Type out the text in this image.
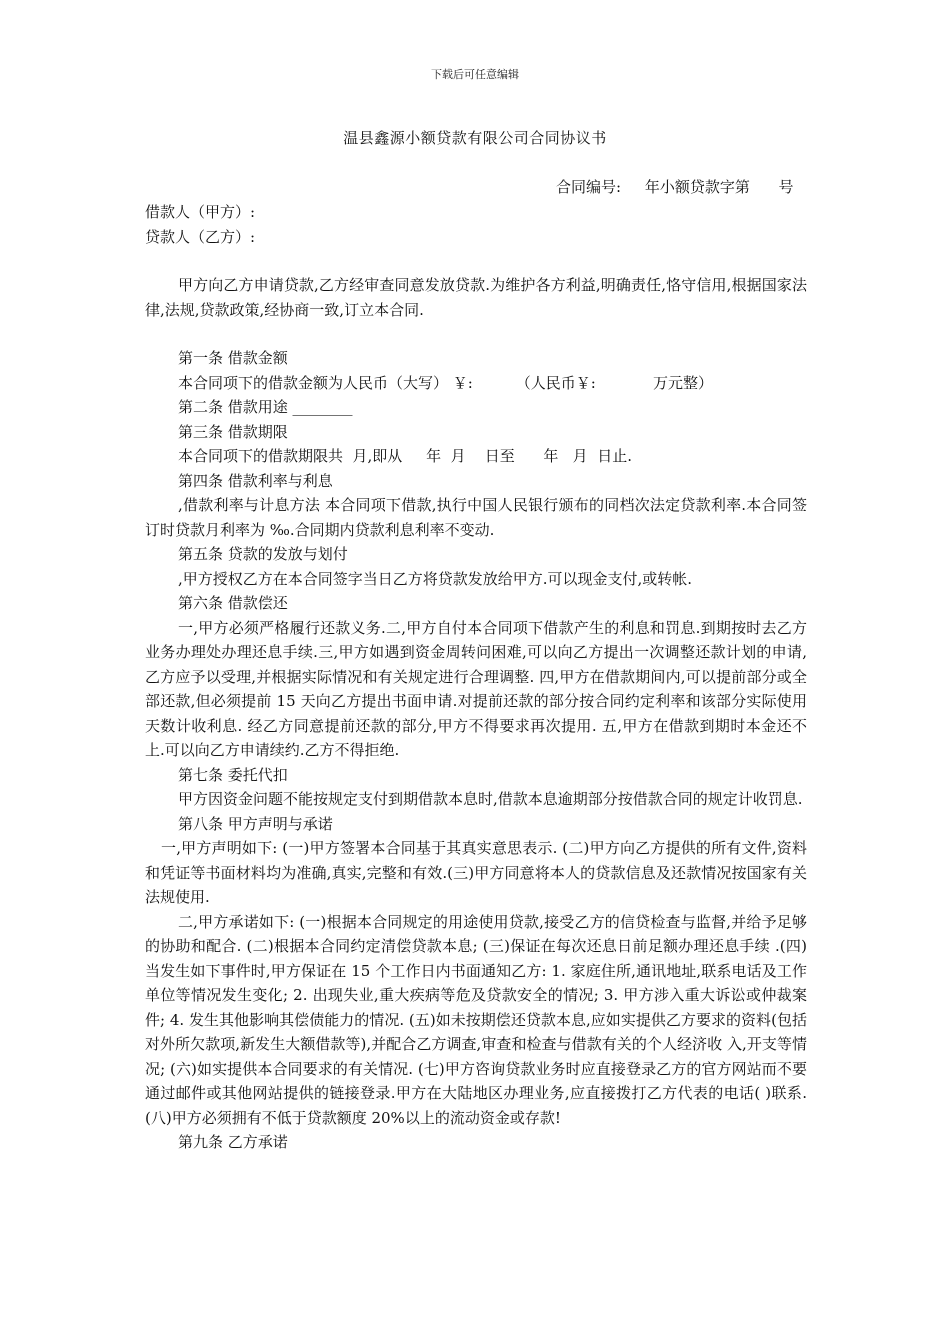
下载后可任意编辑
温县鑫源小额贷款有限公司合同协议书
合同编号:     年小额贷款字第      号

借款人（甲方）:

贷款人（乙方）:

甲方向乙方申请贷款,乙方经审查同意发放贷款.为维护各方利益,明确责任,恪守信用,根据国家法律,法规,贷款政策,经协商一致,订立本合同.

第一条 借款金额

本合同项下的借款金额为人民币（大写） ￥:         （人民币￥:            万元整）

第二条 借款用途 ________

第三条 借款期限

本合同项下的借款期限共  月,即从     年  月    日至      年   月  日止.

第四条 借款利率与利息

,借款利率与计息方法 本合同项下借款,执行中国人民银行颁布的同档次法定贷款利率.本合同签订时贷款月利率为 ‰.合同期内贷款利息利率不变动.

第五条 贷款的发放与划付

,甲方授权乙方在本合同签字当日乙方将贷款发放给甲方.可以现金支付,或转帐.

第六条 借款偿还

一,甲方必须严格履行还款义务.二,甲方自付本合同项下借款产生的利息和罚息.到期按时去乙方业务办理处办理还息手续.三,甲方如遇到资金周转问困难,可以向乙方提出一次调整还款计划的申请,乙方应予以受理,并根据实际情况和有关规定进行合理调整. 四,甲方在借款期间内,可以提前部分或全部还款,但必须提前 15 天向乙方提出书面申请.对提前还款的部分按合同约定利率和该部分实际使用天数计收利息. 经乙方同意提前还款的部分,甲方不得要求再次提用. 五,甲方在借款到期时本金还不上.可以向乙方申请续约.乙方不得拒绝.

第七条 委托代扣

甲方因资金问题不能按规定支付到期借款本息时,借款本息逾期部分按借款合同的规定计收罚息.

第八条 甲方声明与承诺

一,甲方声明如下: (一)甲方签署本合同基于其真实意思表示. (二)甲方向乙方提供的所有文件,资料和凭证等书面材料均为准确,真实,完整和有效.(三)甲方同意将本人的贷款信息及还款情况按国家有关法规使用.

二,甲方承诺如下: (一)根据本合同规定的用途使用贷款,接受乙方的信贷检查与监督,并给予足够的协助和配合. (二)根据本合同约定清偿贷款本息; (三)保证在每次还息日前足额办理还息手续 .(四)当发生如下事件时,甲方保证在 15 个工作日内书面通知乙方: 1. 家庭住所,通讯地址,联系电话及工作单位等情况发生变化; 2. 出现失业,重大疾病等危及贷款安全的情况; 3. 甲方涉入重大诉讼或仲裁案件; 4. 发生其他影响其偿债能力的情况. (五)如未按期偿还贷款本息,应如实提供乙方要求的资料(包括对外所欠款项,新发生大额借款等),并配合乙方调查,审查和检查与借款有关的个人经济收 入,开支等情况; (六)如实提供本合同要求的有关情况. (七)甲方咨询贷款业务时应直接登录乙方的官方网站而不要通过邮件或其他网站提供的链接登录.甲方在大陆地区办理业务,应直接拨打乙方代表的电话( )联系.(八)甲方必须拥有不低于贷款额度 20%以上的流动资金或存款!

第九条 乙方承诺
